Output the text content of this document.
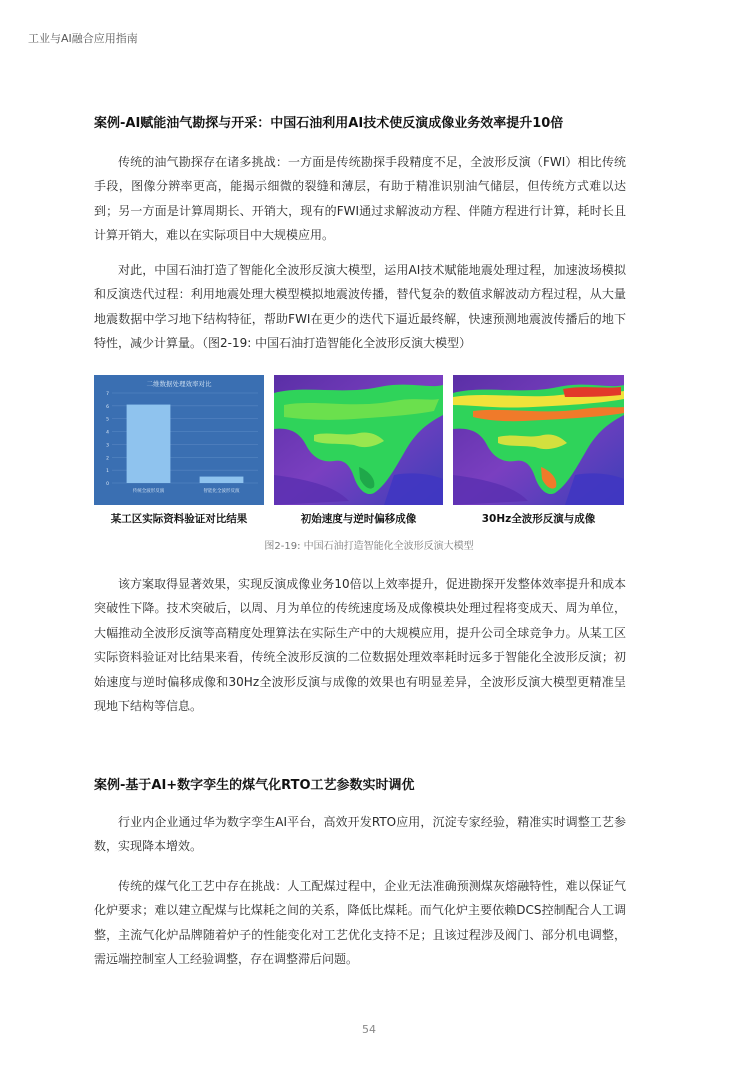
工业与AI融合应用指南
案例-AI赋能油气勘探与开采：中国石油利用AI技术使反演成像业务效率提升10倍

传统的油气勘探存在诸多挑战：一方面是传统勘探手段精度不足，全波形反演（FWI）相比传统手段，图像分辨率更高，能揭示细微的裂缝和薄层，有助于精准识别油气储层，但传统方式难以达到；另一方面是计算周期长、开销大，现有的FWI通过求解波动方程、伴随方程进行计算，耗时长且计算开销大，难以在实际项目中大规模应用。

对此，中国石油打造了智能化全波形反演大模型，运用AI技术赋能地震处理过程，加速波场模拟和反演迭代过程：利用地震处理大模型模拟地震波传播，替代复杂的数值求解波动方程过程，从大量地震数据中学习地下结构特征，帮助FWI在更少的迭代下逼近最终解，快速预测地震波传播后的地下特性，减少计算量。（图2-19: 中国石油打造智能化全波形反演大模型）

二维数据处理效率对比
0
1
2
3
4
5
6
7
传统全波形反演	智能化全波形反演
某工区实际资料验证对比结果	初始速度与逆时偏移成像	30Hz全波形反演与成像
图2-19: 中国石油打造智能化全波形反演大模型

该方案取得显著效果，实现反演成像业务10倍以上效率提升，促进勘探开发整体效率提升和成本突破性下降。技术突破后，以周、月为单位的传统速度场及成像模块处理过程将变成天、周为单位，大幅推动全波形反演等高精度处理算法在实际生产中的大规模应用，提升公司全球竞争力。从某工区实际资料验证对比结果来看，传统全波形反演的二位数据处理效率耗时远多于智能化全波形反演；初始速度与逆时偏移成像和30Hz全波形反演与成像的效果也有明显差异，全波形反演大模型更精准呈现地下结构等信息。

案例-基于AI+数字孪生的煤气化RTO工艺参数实时调优

行业内企业通过华为数字孪生AI平台，高效开发RTO应用，沉淀专家经验，精准实时调整工艺参数，实现降本增效。

传统的煤气化工艺中存在挑战：人工配煤过程中，企业无法准确预测煤灰熔融特性，难以保证气化炉要求；难以建立配煤与比煤耗之间的关系，降低比煤耗。而气化炉主要依赖DCS控制配合人工调整，主流气化炉品牌随着炉子的性能变化对工艺优化支持不足；且该过程涉及阀门、部分机电调整，需远端控制室人工经验调整，存在调整滞后问题。

54
